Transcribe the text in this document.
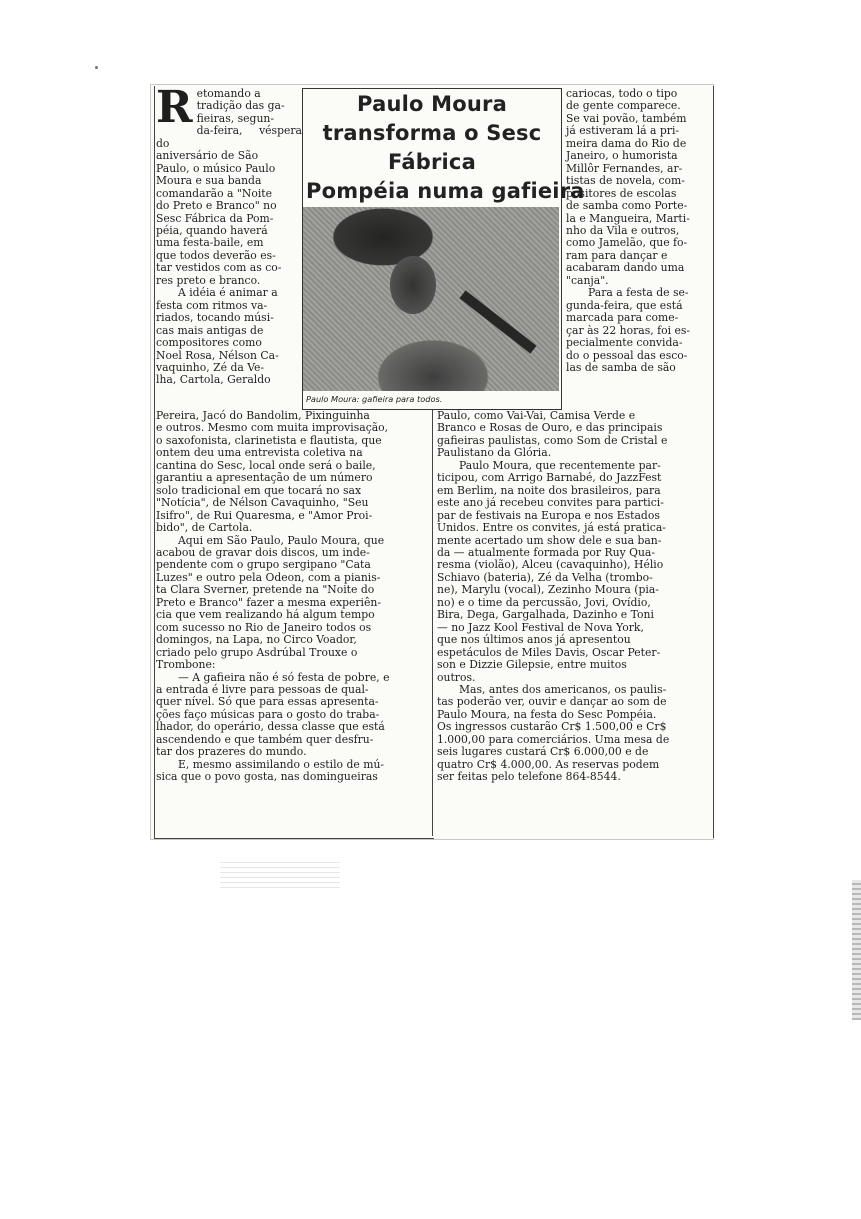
Paulo Moura
transforma o Sesc
Fábrica
Pompéia numa gafieira
Paulo Moura: gafieira para todos.

Retomando a
tradição das ga-
fieiras, segun-
da-feira, véspera do
aniversário de São
Paulo, o músico Paulo
Moura e sua banda
comandarão a "Noite
do Preto e Branco" no
Sesc Fábrica da Pom-
péia, quando haverá
uma festa-baile, em
que todos deverão es-
tar vestidos com as co-
res preto e branco.

A idéia é animar a
festa com ritmos va-
riados, tocando músi-
cas mais antigas de
compositores como
Noel Rosa, Nélson Ca-
vaquinho, Zé da Ve-
lha, Cartola, Geraldo

cariocas, todo o tipo
de gente comparece.
Se vai povão, também
já estiveram lá a pri-
meira dama do Rio de
Janeiro, o humorista
Millôr Fernandes, ar-
tistas de novela, com-
positores de escolas
de samba como Porte-
la e Mangueira, Marti-
nho da Vila e outros,
como Jamelão, que fo-
ram para dançar e
acabaram dando uma
"canja".

Para a festa de se-
gunda-feira, que está
marcada para come-
çar às 22 horas, foi es-
pecialmente convida-
do o pessoal das esco-
las de samba de são

Pereira, Jacó do Bandolim, Pixinguinha
e outros. Mesmo com muita improvisação,
o saxofonista, clarinetista e flautista, que
ontem deu uma entrevista coletiva na
cantina do Sesc, local onde será o baile,
garantiu a apresentação de um número
solo tradicional em que tocará no sax
"Notícia", de Nélson Cavaquinho, "Seu
Isifro", de Rui Quaresma, e "Amor Proi-
bido", de Cartola.

Aqui em São Paulo, Paulo Moura, que
acabou de gravar dois discos, um inde-
pendente com o grupo sergipano "Cata
Luzes" e outro pela Odeon, com a pianis-
ta Clara Sverner, pretende na "Noite do
Preto e Branco" fazer a mesma experiên-
cia que vem realizando há algum tempo
com sucesso no Rio de Janeiro todos os
domingos, na Lapa, no Circo Voador,
criado pelo grupo Asdrúbal Trouxe o
Trombone:

— A gafieira não é só festa de pobre, e
a entrada é livre para pessoas de qual-
quer nível. Só que para essas apresenta-
ções faço músicas para o gosto do traba-
lhador, do operário, dessa classe que está
ascendendo e que também quer desfru-
tar dos prazeres do mundo.

E, mesmo assimilando o estilo de mú-
sica que o povo gosta, nas domingueiras

Paulo, como Vai-Vai, Camisa Verde e
Branco e Rosas de Ouro, e das principais
gafieiras paulistas, como Som de Cristal e
Paulistano da Glória.

Paulo Moura, que recentemente par-
ticipou, com Arrigo Barnabé, do JazzFest
em Berlim, na noite dos brasileiros, para
este ano já recebeu convites para partici-
par de festivais na Europa e nos Estados
Unidos. Entre os convites, já está pratica-
mente acertado um show dele e sua ban-
da — atualmente formada por Ruy Qua-
resma (violão), Alceu (cavaquinho), Hélio
Schiavo (bateria), Zé da Velha (trombo-
ne), Marylu (vocal), Zezinho Moura (pia-
no) e o time da percussão, Jovi, Ovídio,
Bira, Dega, Gargalhada, Dazinho e Toni
— no Jazz Kool Festival de Nova York,
que nos últimos anos já apresentou
espetáculos de Miles Davis, Oscar Peter-
son e Dizzie Gilepsie, entre muitos
outros.

Mas, antes dos americanos, os paulis-
tas poderão ver, ouvir e dançar ao som de
Paulo Moura, na festa do Sesc Pompéia.
Os ingressos custarão Cr$ 1.500,00 e Cr$
1.000,00 para comerciários. Uma mesa de
seis lugares custará Cr$ 6.000,00 e de
quatro Cr$ 4.000,00. As reservas podem
ser feitas pelo telefone 864-8544.
